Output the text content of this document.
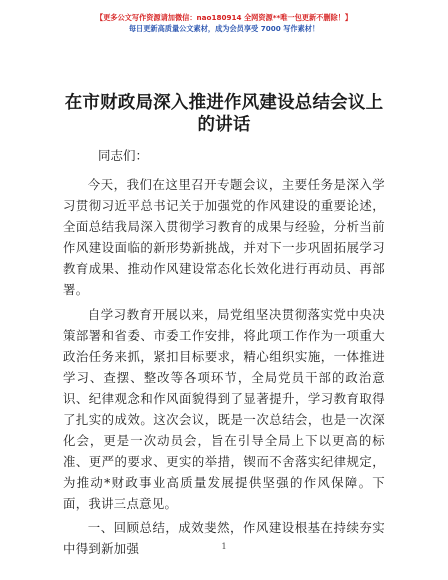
【更多公文写作资源请加微信：nao180914 全网资源**唯一包更新不删除！】
每日更新高质量公文素材，成为会员享受 7000 写作素材！
在市财政局深入推进作风建设总结会议上的讲话
同志们：

今天，我们在这里召开专题会议，主要任务是深入学习贯彻习近平总书记关于加强党的作风建设的重要论述，全面总结我局深入贯彻学习教育的成果与经验，分析当前作风建设面临的新形势新挑战，并对下一步巩固拓展学习教育成果、推动作风建设常态化长效化进行再动员、再部署。

自学习教育开展以来，局党组坚决贯彻落实党中央决策部署和省委、市委工作安排，将此项工作作为一项重大政治任务来抓，紧扣目标要求，精心组织实施，一体推进学习、查摆、整改等各项环节，全局党员干部的政治意识、纪律观念和作风面貌得到了显著提升，学习教育取得了扎实的成效。这次会议，既是一次总结会，也是一次深化会，更是一次动员会，旨在引导全局上下以更高的标准、更严的要求、更实的举措，锲而不舍落实纪律规定，为推动*财政事业高质量发展提供坚强的作风保障。下面，我讲三点意见。

一、回顾总结，成效斐然，作风建设根基在持续夯实中得到新加强	1
